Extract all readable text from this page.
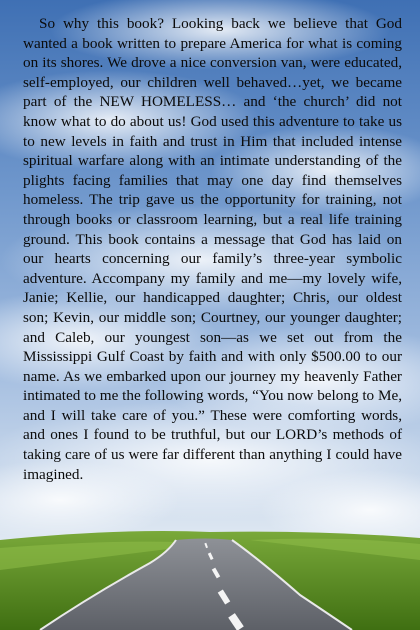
So why this book? Looking back we believe that God wanted a book written to prepare America for what is coming on its shores. We drove a nice conversion van, were educated, self-employed, our children well behaved…yet, we became part of the NEW HOMELESS… and ‘the church’ did not know what to do about us! God used this adventure to take us to new levels in faith and trust in Him that included intense spiritual warfare along with an intimate understanding of the plights facing families that may one day find themselves homeless. The trip gave us the opportunity for training, not through books or classroom learning, but a real life training ground. This book contains a message that God has laid on our hearts concerning our family’s three-year symbolic adventure. Accompany my family and me—my lovely wife, Janie; Kellie, our handicapped daughter; Chris, our oldest son; Kevin, our middle son; Courtney, our younger daughter; and Caleb, our youngest son—as we set out from the Mississippi Gulf Coast by faith and with only $500.00 to our name. As we embarked upon our journey my heavenly Father intimated to me the following words, “You now belong to Me, and I will take care of you.” These were comforting words, and ones I found to be truthful, but our LORD’s methods of taking care of us were far different than anything I could have imagined.
